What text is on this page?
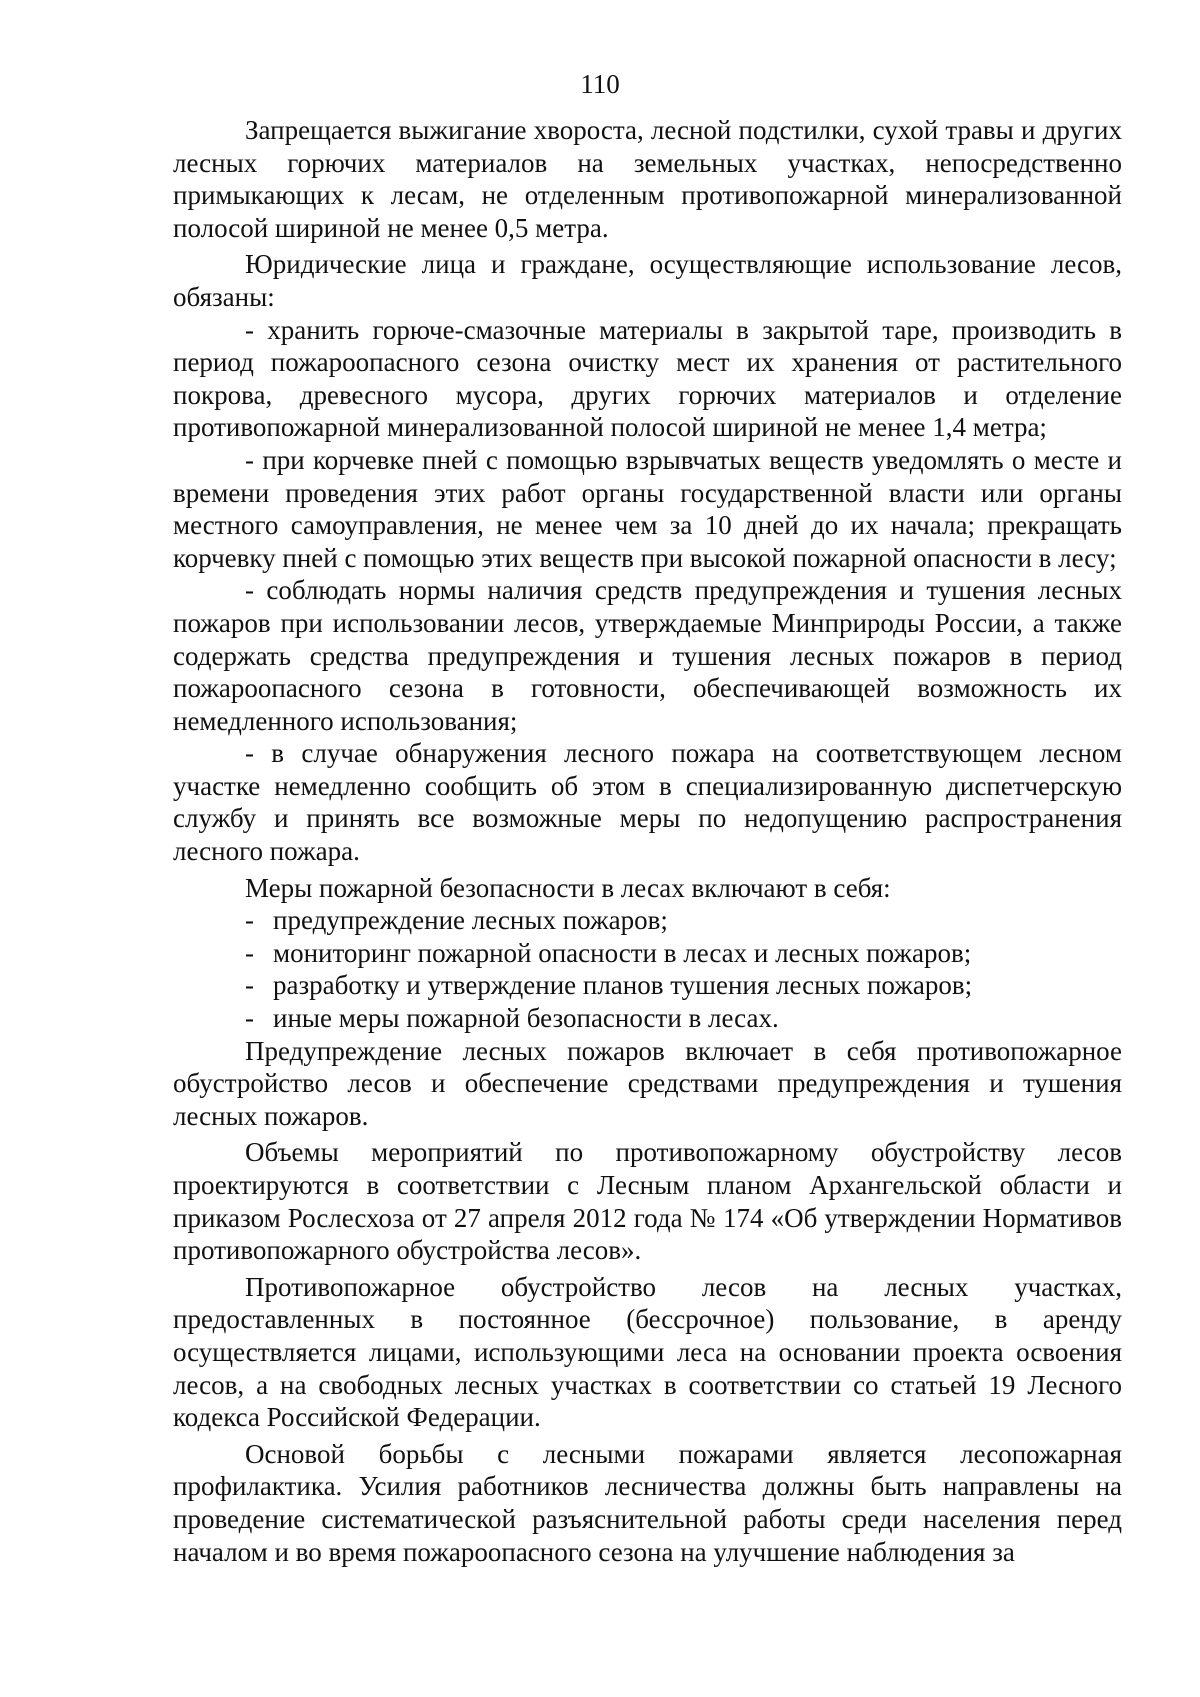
110

Запрещается выжигание хвороста, лесной подстилки, сухой травы и других лесных горючих материалов на земельных участках, непосредственно примыкающих к лесам, не отделенным противопожарной минерализованной полосой шириной не менее 0,5 метра.

Юридические лица и граждане, осуществляющие использование лесов, обязаны:

- хранить горюче-смазочные материалы в закрытой таре, производить в период пожароопасного сезона очистку мест их хранения от растительного покрова, древесного мусора, других горючих материалов и отделение противопожарной минерализованной полосой шириной не менее 1,4 метра;

- при корчевке пней с помощью взрывчатых веществ уведомлять о месте и времени проведения этих работ органы государственной власти или органы местного самоуправления, не менее чем за 10 дней до их начала; прекращать корчевку пней с помощью этих веществ при высокой пожарной опасности в лесу;

- соблюдать нормы наличия средств предупреждения и тушения лесных пожаров при использовании лесов, утверждаемые Минприроды России, а также содержать средства предупреждения и тушения лесных пожаров в период пожароопасного сезона в готовности, обеспечивающей возможность их немедленного использования;

- в случае обнаружения лесного пожара на соответствующем лесном участке немедленно сообщить об этом в специализированную диспетчерскую службу и принять все возможные меры по недопущению распространения лесного пожара.

Меры пожарной безопасности в лесах включают в себя:

- предупреждение лесных пожаров;

- мониторинг пожарной опасности в лесах и лесных пожаров;

- разработку и утверждение планов тушения лесных пожаров;

- иные меры пожарной безопасности в лесах.

Предупреждение лесных пожаров включает в себя противопожарное обустройство лесов и обеспечение средствами предупреждения и тушения лесных пожаров.

Объемы мероприятий по противопожарному обустройству лесов проектируются в соответствии с Лесным планом Архангельской области и приказом Рослесхоза от 27 апреля 2012 года № 174 «Об утверждении Нормативов противопожарного обустройства лесов».

Противопожарное обустройство лесов на лесных участках, предоставленных в постоянное (бессрочное) пользование, в аренду осуществляется лицами, использующими леса на основании проекта освоения лесов, а на свободных лесных участках в соответствии со статьей 19 Лесного кодекса Российской Федерации.

Основой борьбы с лесными пожарами является лесопожарная профилактика. Усилия работников лесничества должны быть направлены на проведение систематической разъяснительной работы среди населения перед началом и во время пожароопасного сезона на улучшение наблюдения за
